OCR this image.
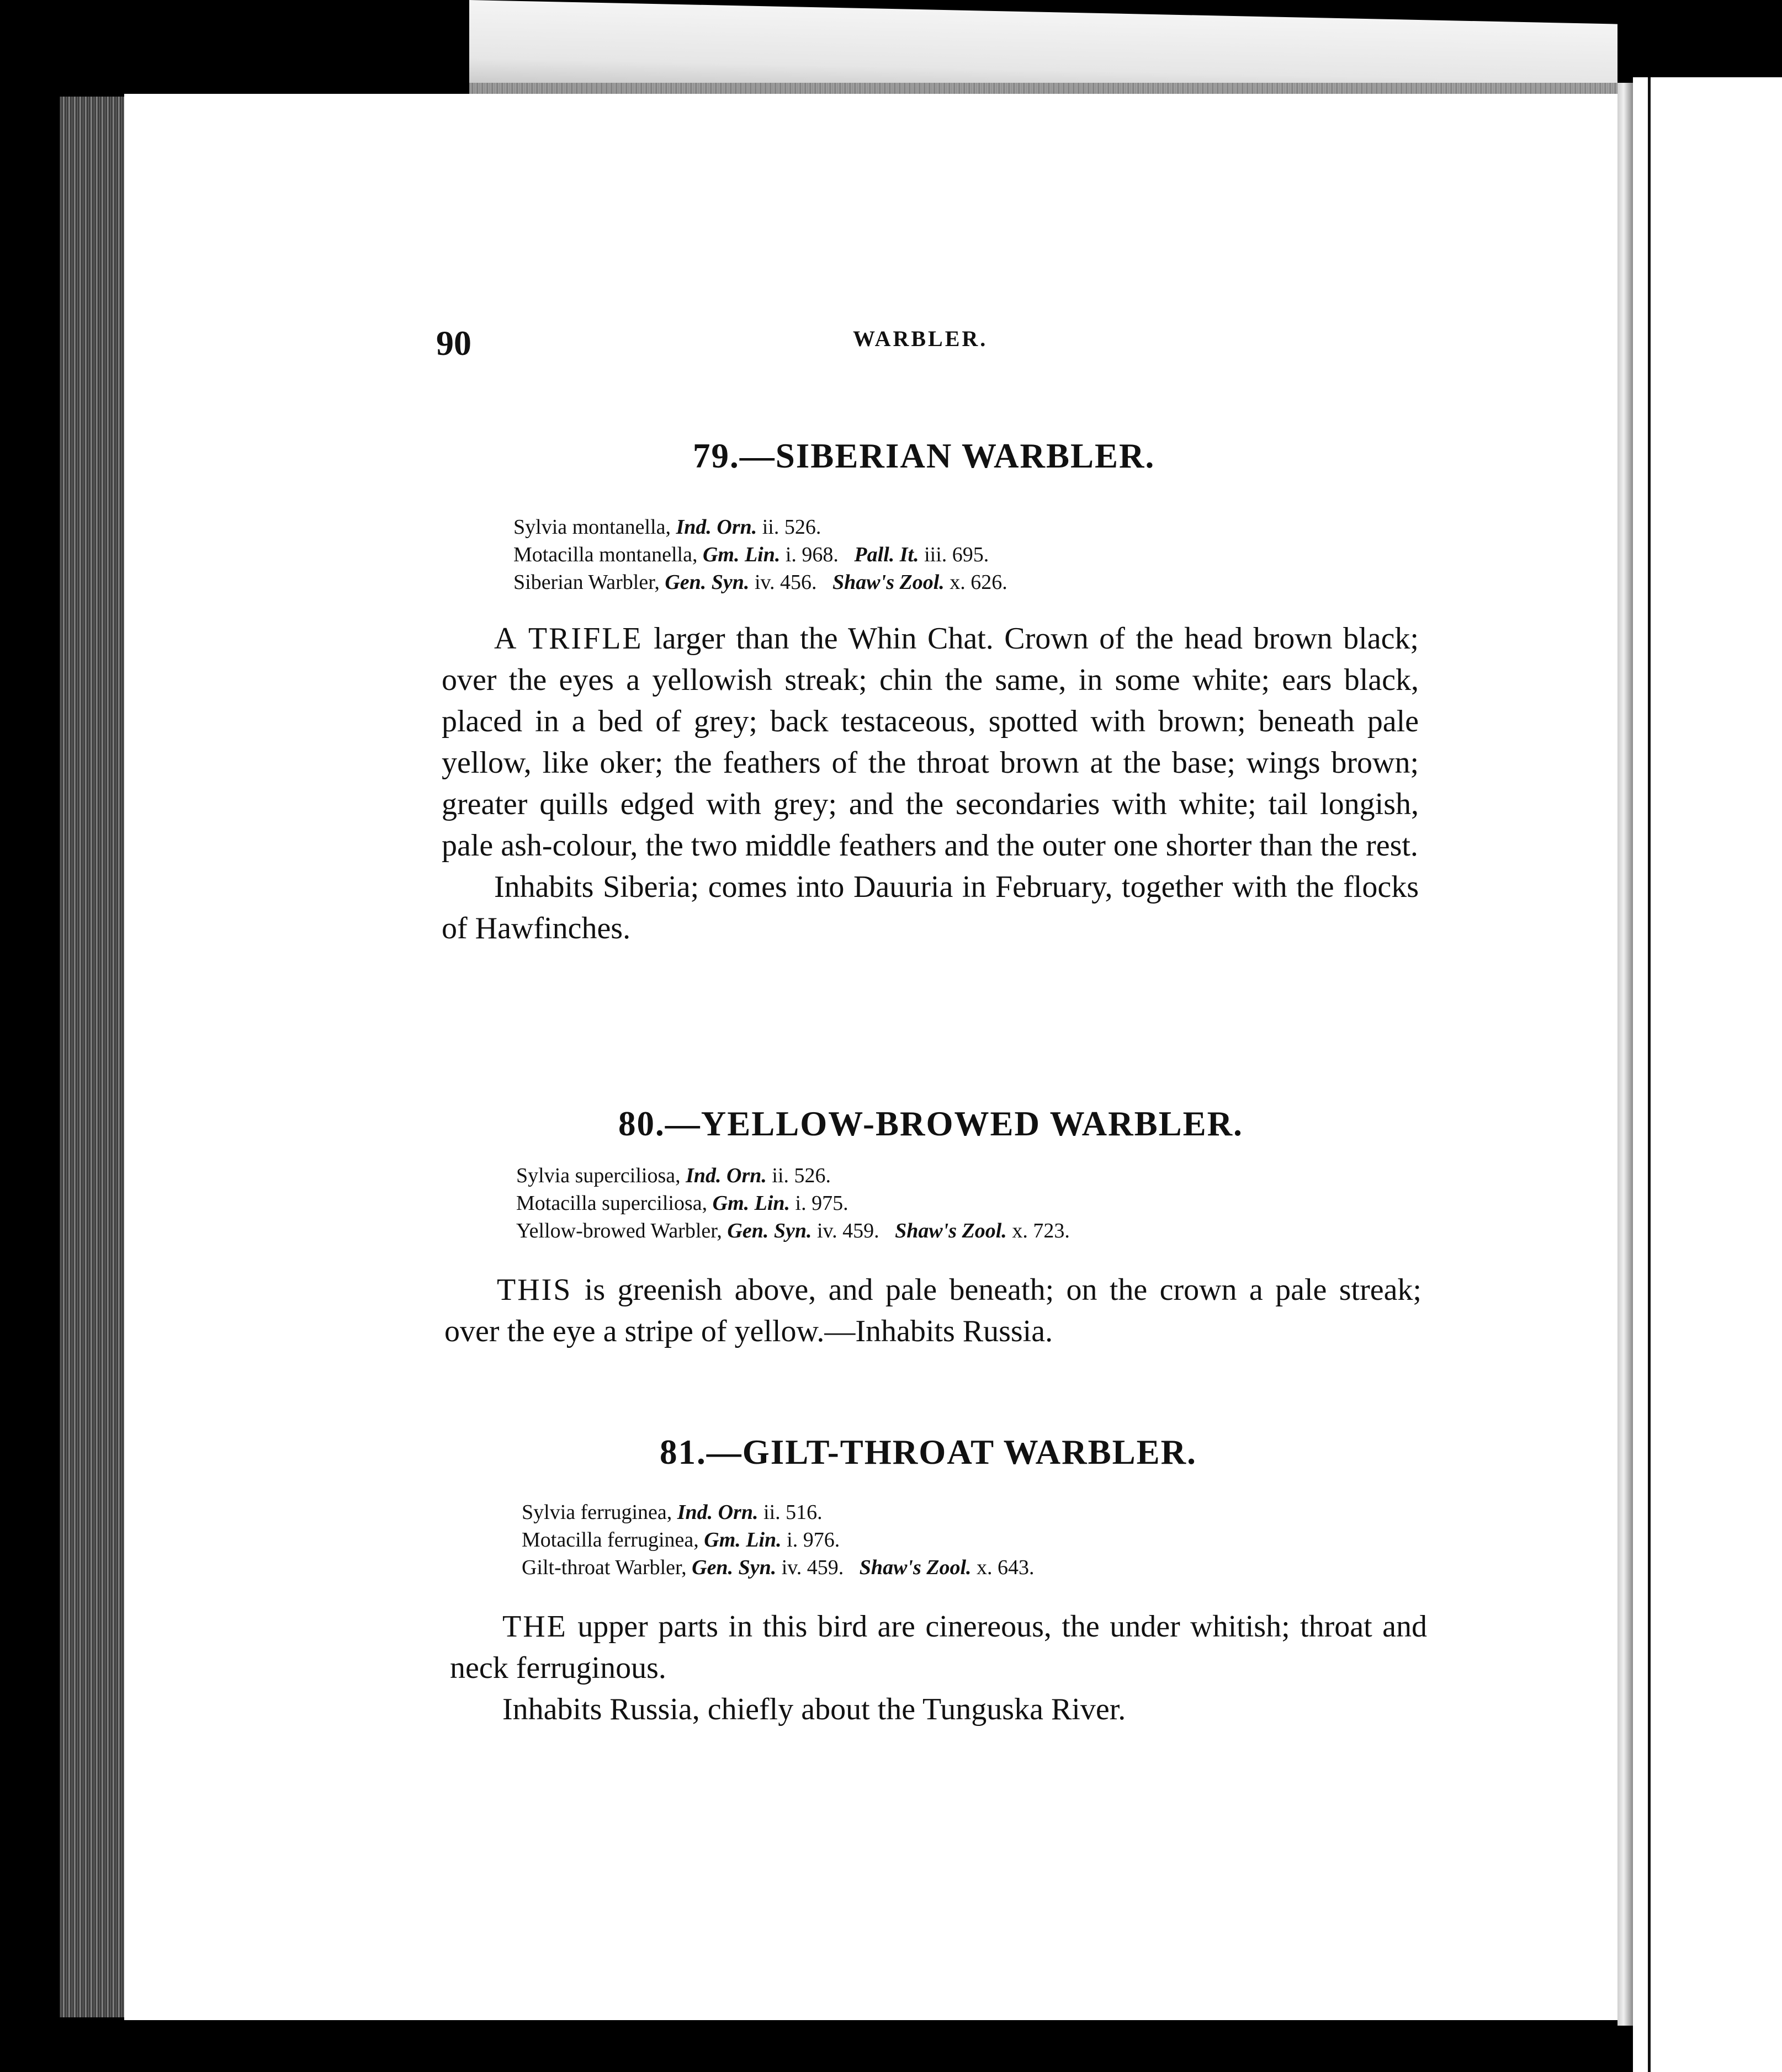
90	WARBLER.
79.—SIBERIAN WARBLER.
Sylvia montanella, Ind. Orn. ii. 526.
Motacilla montanella, Gm. Lin. i. 968. Pall. It. iii. 695.
Siberian Warbler, Gen. Syn. iv. 456. Shaw's Zool. x. 626.

A TRIFLE larger than the Whin Chat. Crown of the head brown black; over the eyes a yellowish streak; chin the same, in some white; ears black, placed in a bed of grey; back testaceous, spotted with brown; beneath pale yellow, like oker; the feathers of the throat brown at the base; wings brown; greater quills edged with grey; and the secondaries with white; tail longish, pale ash-colour, the two middle feathers and the outer one shorter than the rest.

Inhabits Siberia; comes into Dauuria in February, together with the flocks of Hawfinches.

80.—YELLOW-BROWED WARBLER.
Sylvia superciliosa, Ind. Orn. ii. 526.
Motacilla superciliosa, Gm. Lin. i. 975.
Yellow-browed Warbler, Gen. Syn. iv. 459. Shaw's Zool. x. 723.

THIS is greenish above, and pale beneath; on the crown a pale streak; over the eye a stripe of yellow.—Inhabits Russia.

81.—GILT-THROAT WARBLER.
Sylvia ferruginea, Ind. Orn. ii. 516.
Motacilla ferruginea, Gm. Lin. i. 976.
Gilt-throat Warbler, Gen. Syn. iv. 459. Shaw's Zool. x. 643.

THE upper parts in this bird are cinereous, the under whitish; throat and neck ferruginous.

Inhabits Russia, chiefly about the Tunguska River.
